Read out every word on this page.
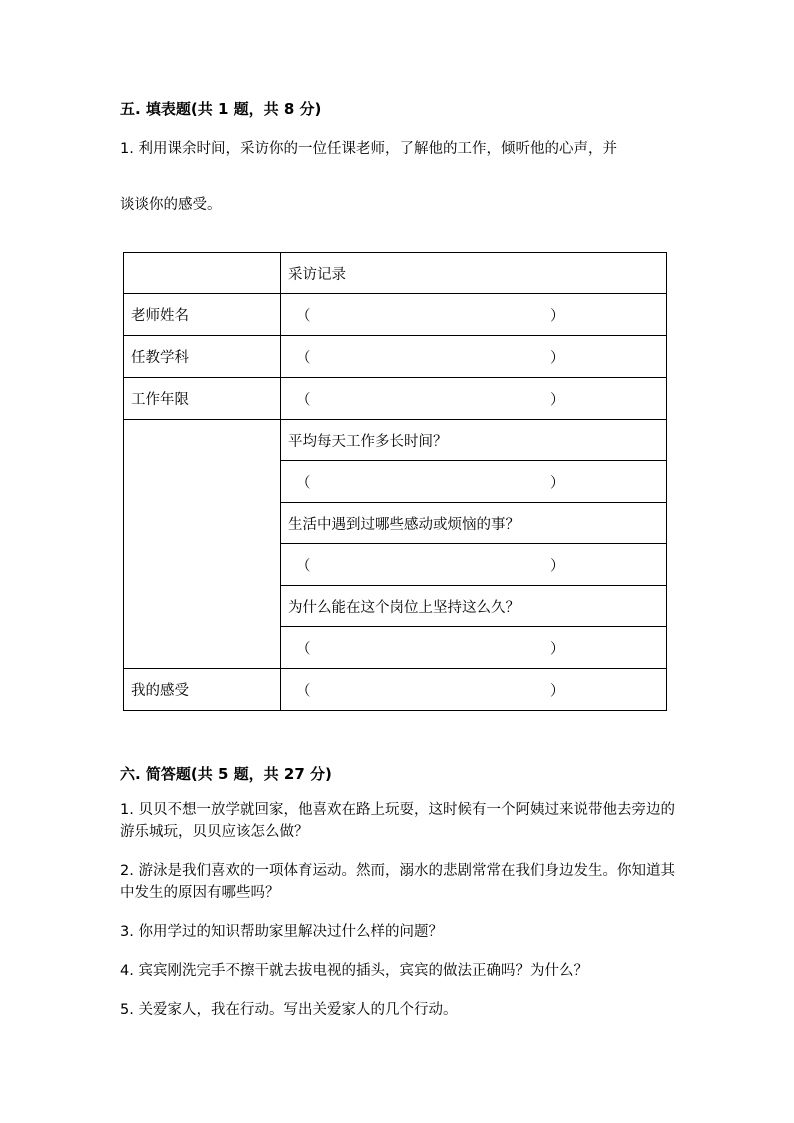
五. 填表题(共 1 题，共 8 分)
1. 利用课余时间，采访你的一位任课老师，了解他的工作，倾听他的心声，并
谈谈你的感受。
	采访记录
老师姓名	（ ）

任教学科	（ ）

工作年限	（ ）

	平均每天工作多长时间？

	（ ）

	生活中遇到过哪些感动或烦恼的事？

	（ ）

	为什么能在这个岗位上坚持这么久？

	（ ）

我的感受	（ ）
六. 简答题(共 5 题，共 27 分)
1. 贝贝不想一放学就回家，他喜欢在路上玩耍，这时候有一个阿姨过来说带他去旁边的游乐城玩，贝贝应该怎么做？
2. 游泳是我们喜欢的一项体育运动。然而，溺水的悲剧常常在我们身边发生。你知道其中发生的原因有哪些吗？
3. 你用学过的知识帮助家里解决过什么样的问题？
4. 宾宾刚洗完手不擦干就去拔电视的插头，宾宾的做法正确吗？为什么？
5. 关爱家人，我在行动。写出关爱家人的几个行动。
